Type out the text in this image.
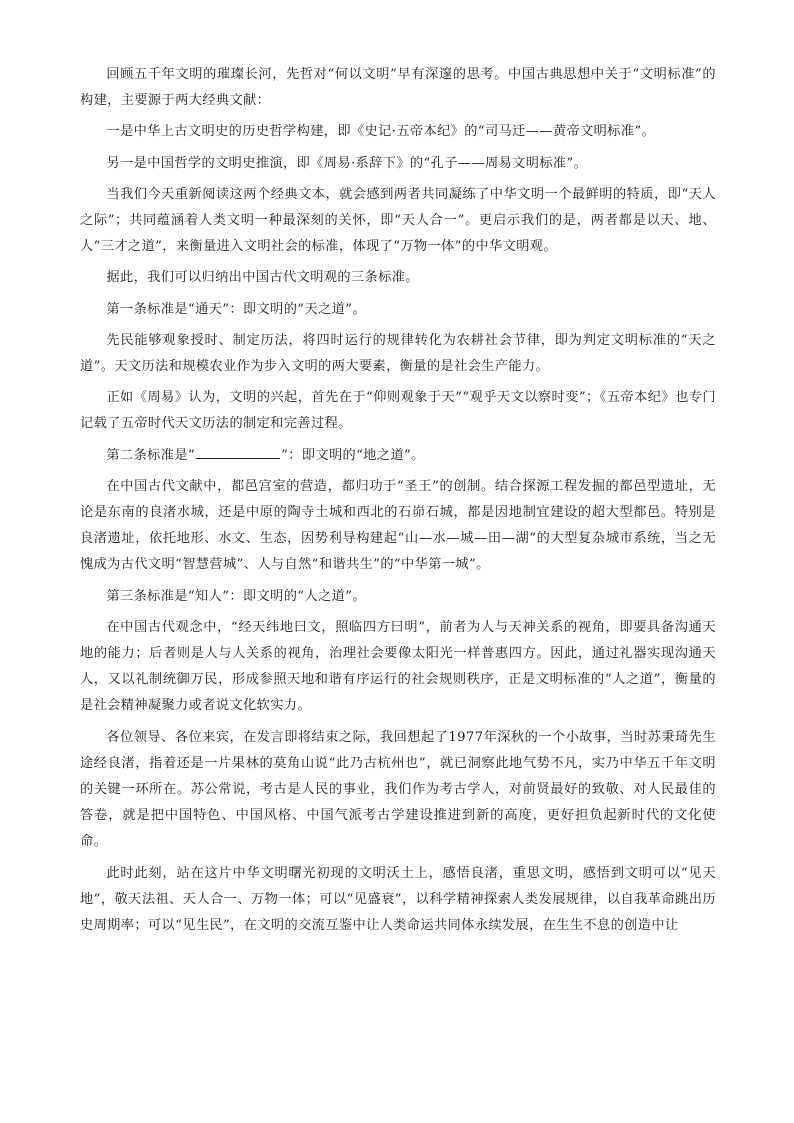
回顾五千年文明的璀璨长河，先哲对“何以文明”早有深邃的思考。中国古典思想中关于“文明标准”的构建，主要源于两大经典文献：

一是中华上古文明史的历史哲学构建，即《史记·五帝本纪》的“司马迁——黄帝文明标准”。

另一是中国哲学的文明史推演，即《周易·系辞下》的“孔子——周易文明标准”。

当我们今天重新阅读这两个经典文本，就会感到两者共同凝练了中华文明一个最鲜明的特质，即“天人之际”；共同蕴涵着人类文明一种最深刻的关怀，即“天人合一”。更启示我们的是，两者都是以天、地、人“三才之道”，来衡量进入文明社会的标准，体现了“万物一体”的中华文明观。

据此，我们可以归纳出中国古代文明观的三条标准。

第一条标准是“通天”：即文明的“天之道”。

先民能够观象授时、制定历法，将四时运行的规律转化为农耕社会节律，即为判定文明标准的“天之道”。天文历法和规模农业作为步入文明的两大要素，衡量的是社会生产能力。

正如《周易》认为，文明的兴起，首先在于“仰则观象于天”“观乎天文以察时变”；《五帝本纪》也专门记载了五帝时代天文历法的制定和完善过程。

第二条标准是“	”：即文明的“地之道”。

在中国古代文献中，都邑宫室的营造，都归功于“圣王”的创制。结合探源工程发掘的都邑型遗址，无论是东南的良渚水城，还是中原的陶寺土城和西北的石峁石城，都是因地制宜建设的超大型都邑。特别是良渚遗址，依托地形、水文、生态，因势利导构建起“山—水—城—田—湖”的大型复杂城市系统，当之无愧成为古代文明“智慧营城”、人与自然“和谐共生”的“中华第一城”。

第三条标准是“知人”：即文明的“人之道”。

在中国古代观念中，“经天纬地曰文，照临四方曰明”，前者为人与天神关系的视角，即要具备沟通天地的能力；后者则是人与人关系的视角，治理社会要像太阳光一样普惠四方。因此，通过礼器实现沟通天人，又以礼制统御万民，形成参照天地和谐有序运行的社会规则秩序，正是文明标准的“人之道”，衡量的是社会精神凝聚力或者说文化软实力。

各位领导、各位来宾，在发言即将结束之际，我回想起了1977年深秋的一个小故事，当时苏秉琦先生途经良渚，指着还是一片果林的莫角山说“此乃古杭州也”，就已洞察此地气势不凡，实乃中华五千年文明的关键一环所在。苏公常说，考古是人民的事业，我们作为考古学人，对前贤最好的致敬、对人民最佳的答卷，就是把中国特色、中国风格、中国气派考古学建设推进到新的高度，更好担负起新时代的文化使命。

此时此刻，站在这片中华文明曙光初现的文明沃土上，感悟良渚，重思文明，感悟到文明可以“见天地”，敬天法祖、天人合一、万物一体；可以“见盛衰”，以科学精神探索人类发展规律，以自我革命跳出历史周期率；可以“见生民”，在文明的交流互鉴中让人类命运共同体永续发展，在生生不息的创造中让
